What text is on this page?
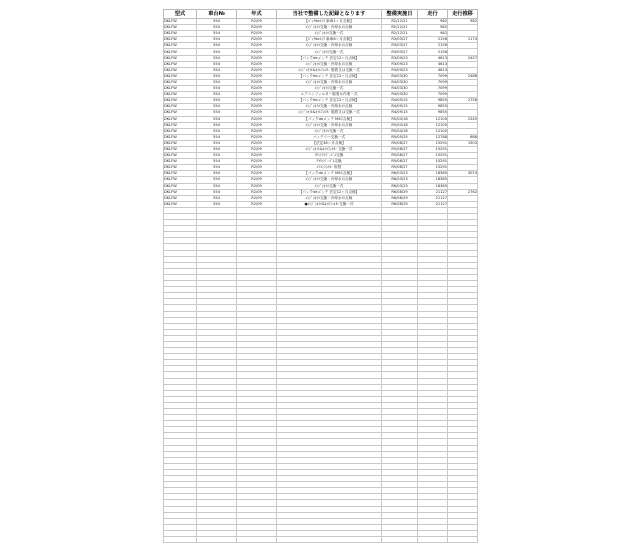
型式	車台№	年式	当社で整備した記録となります	整備実施日	走行	走行推移
DKLFW	554	R2/09	【ﾊﾟｯｸdeﾒﾝﾃ 新車1ヶ月点検】	R2/12/21	982	982
DKLFW	554	R2/09	ｴﾝｼﾞﾝｵｲﾙ交換・冷却水の点検	R2/12/21	982	
DKLFW	554	R2/09	ｴﾝｼﾞﾝｵｲﾙ交換一式	R2/12/21	982	
DKLFW	554	R2/09	【ﾊﾟｯｸdeﾒﾝﾃ 新車6ヶ月点検】	R3/03/27	2156	1174
DKLFW	554	R2/09	ｴﾝｼﾞﾝｵｲﾙ交換・冷却水の点検	R3/03/27	2156	
DKLFW	554	R2/09	ｴﾝｼﾞﾝｵｲﾙ交換一式	R3/03/27	2156	
DKLFW	554	R2/09	【パックdeメンテ 法定12ヶ月点検】	R3/09/23	4613	2457
DKLFW	554	R2/09	ｴﾝｼﾞﾝｵｲﾙ交換・冷却水の点検	R3/09/23	4613	
DKLFW	554	R2/09	ｴﾝｼﾞﾝｵｲﾙ&ｵｲﾙﾌｨﾙﾀｰ 脱着又は交換一式	R3/09/23	4613	
DKLFW	554	R2/09	【パックdeメンテ 法定12ヶ月点検】	R4/03/30	7099	2486
DKLFW	554	R2/09	ｴﾝｼﾞﾝｵｲﾙ交換・冷却水の点検	R4/03/30	7099	
DKLFW	554	R2/09	ｴﾝｼﾞﾝｵｲﾙ交換一式	R4/03/30	7099	
DKLFW	554	R2/09	エアコンフィルター脱着＆作業一式	R4/03/30	7099	
DKLFW	554	R2/09	【パックdeメンテ 法定12ヶ月点検】	R4/09/15	9855	2756
DKLFW	554	R2/09	ｴﾝｼﾞﾝｵｲﾙ交換・冷却水の点検	R4/09/15	9855	
DKLFW	554	R2/09	ｴﾝｼﾞﾝｵｲﾙ&ｵｲﾙﾌｨﾙﾀｰ 脱着又は交換一式	R4/09/15	9855	
DKLFW	554	R2/09	【パックdeメンテ MSC点検】	R5/04/18	12100	2245
DKLFW	554	R2/09	ｴﾝｼﾞﾝｵｲﾙ交換・冷却水の点検	R5/04/18	12100	
DKLFW	554	R2/09	ｴﾝｼﾞﾝｵｲﾙ交換一式	R5/04/18	12100	
DKLFW	554	R2/09	バッテリー交換一式	R5/05/25	12788	688
DKLFW	554	R2/09	【法定36ヶ月点検】	R5/08/27	15291	1503
DKLFW	554	R2/09	ｴﾝｼﾞﾝｵｲﾙ&ｵｲﾙﾌｨﾙﾀｰ 交換一式	R5/08/27	15291	
DKLFW	554	R2/09	ﾌﾛﾝﾄﾜｲﾊﾟｰｺﾞﾑ交換	R5/08/27	15291	
DKLFW	554	R2/09	ﾘﾔﾜｲﾊﾟｰｺﾞﾑ交換	R5/08/27	15291	
DKLFW	554	R2/09	ｴｱｺﾝﾌｨﾙﾀｰ 取替	R5/08/27	15291	
DKLFW	554	R2/09	【パックdeメンテ MSC点検】	R6/03/23	18365	3074
DKLFW	554	R2/09	ｴﾝｼﾞﾝｵｲﾙ交換・冷却水の点検	R6/03/23	18365	
DKLFW	554	R2/09	ｴﾝｼﾞﾝｵｲﾙ交換一式	R6/03/23	18365	
DKLFW	554	R2/09	【パックdeメンテ 法定12ヶ月点検】	R6/08/29	21127	2762
DKLFW	554	R2/09	ｴﾝｼﾞﾝｵｲﾙ交換・冷却水の点検	R6/08/29	21127	
DKLFW	554	R2/09	●ｴﾝｼﾞﾝｵｲﾙ&ｵｲﾙﾌｨﾙﾀｰ交換一式	R6/08/29	21127	
